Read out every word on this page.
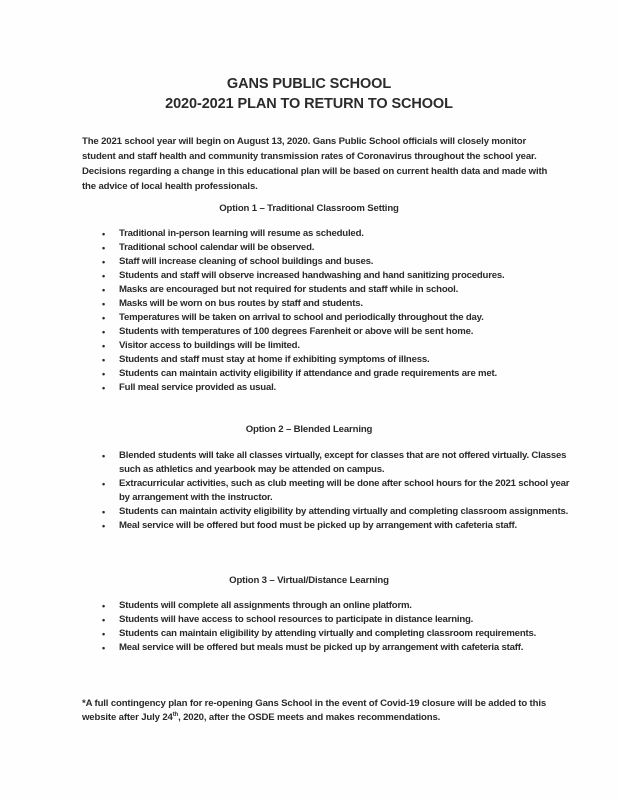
GANS PUBLIC SCHOOL
2020-2021 PLAN TO RETURN TO SCHOOL
The 2021 school year will begin on August 13, 2020. Gans Public School officials will closely monitor student and staff health and community transmission rates of Coronavirus throughout the school year. Decisions regarding a change in this educational plan will be based on current health data and made with the advice of local health professionals.
Option 1 – Traditional Classroom Setting
• Traditional in-person learning will resume as scheduled.
• Traditional school calendar will be observed.
• Staff will increase cleaning of school buildings and buses.
• Students and staff will observe increased handwashing and hand sanitizing procedures.
• Masks are encouraged but not required for students and staff while in school.
• Masks will be worn on bus routes by staff and students.
• Temperatures will be taken on arrival to school and periodically throughout the day.
• Students with temperatures of 100 degrees Farenheit or above will be sent home.
• Visitor access to buildings will be limited.
• Students and staff must stay at home if exhibiting symptoms of illness.
• Students can maintain activity eligibility if attendance and grade requirements are met.
• Full meal service provided as usual.
Option 2 – Blended Learning
• Blended students will take all classes virtually, except for classes that are not offered virtually. Classes such as athletics and yearbook may be attended on campus.
• Extracurricular activities, such as club meeting will be done after school hours for the 2021 school year by arrangement with the instructor.
• Students can maintain activity eligibility by attending virtually and completing classroom assignments.
• Meal service will be offered but food must be picked up by arrangement with cafeteria staff.
Option 3 – Virtual/Distance Learning
• Students will complete all assignments through an online platform.
• Students will have access to school resources to participate in distance learning.
• Students can maintain eligibility by attending virtually and completing classroom requirements.
• Meal service will be offered but meals must be picked up by arrangement with cafeteria staff.
*A full contingency plan for re-opening Gans School in the event of Covid-19 closure will be added to this website after July 24th, 2020, after the OSDE meets and makes recommendations.
